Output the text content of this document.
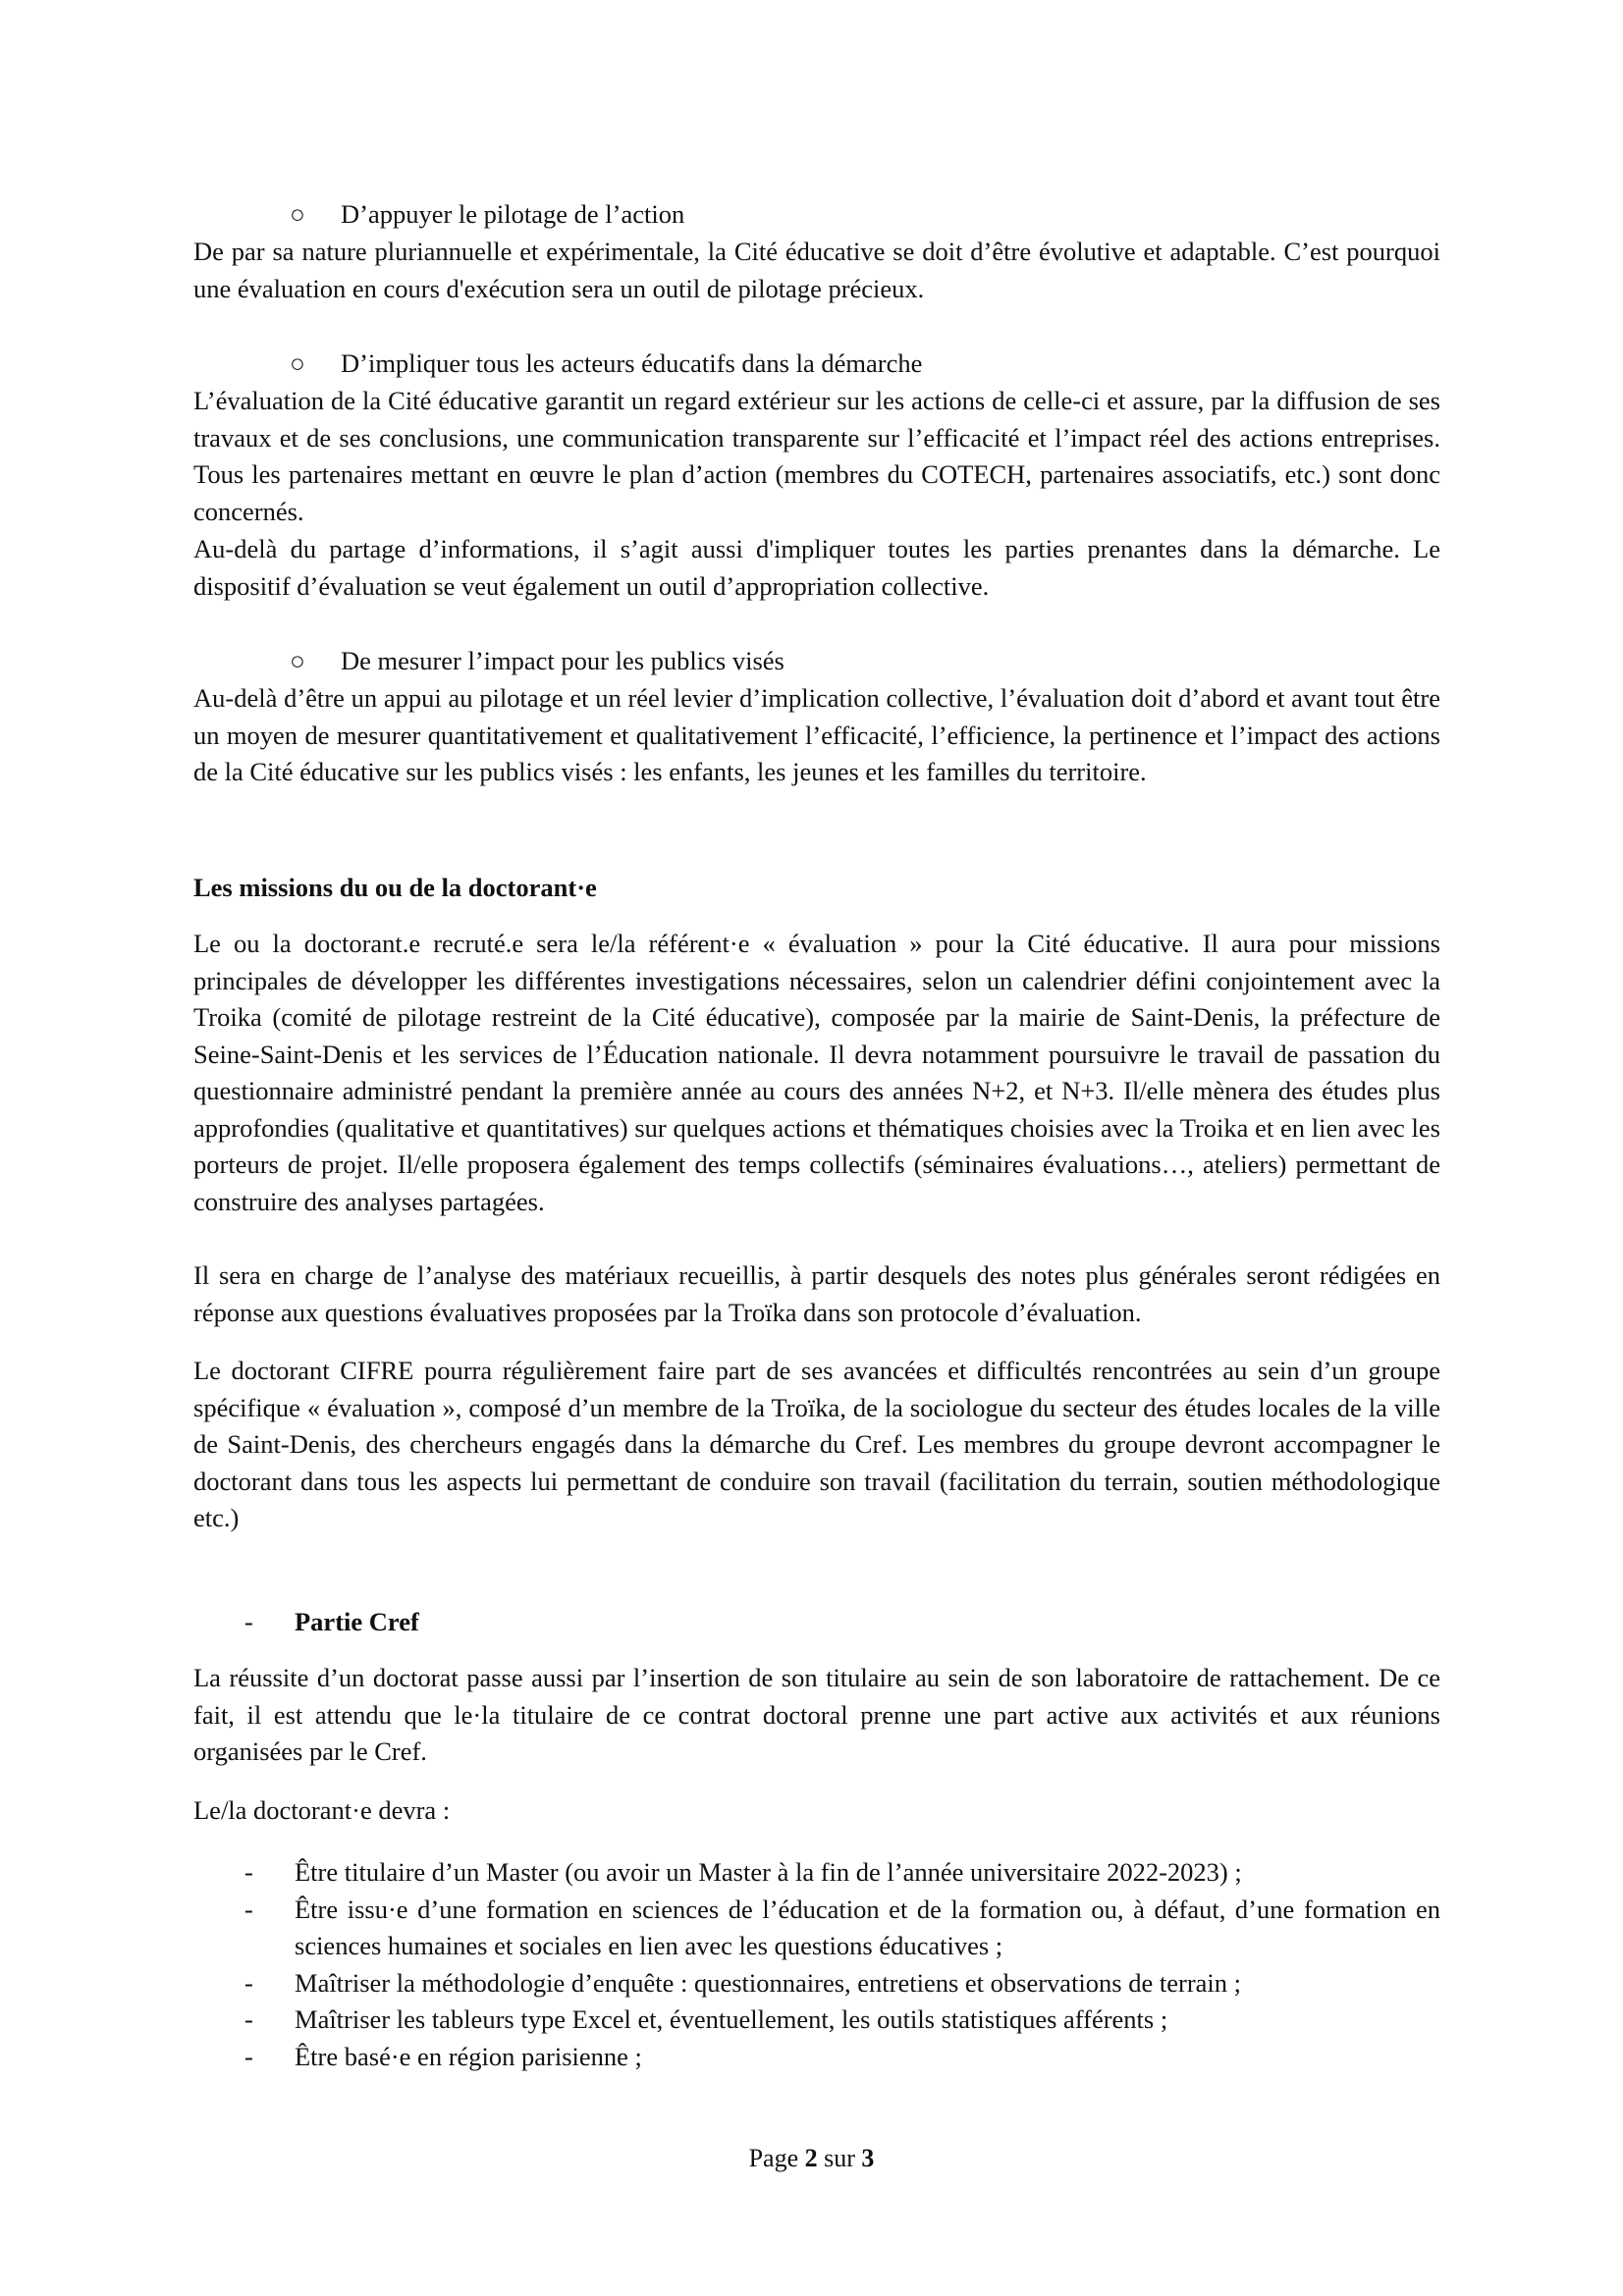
○ D’appuyer le pilotage de l’action

De par sa nature pluriannuelle et expérimentale, la Cité éducative se doit d’être évolutive et adaptable. C’est pourquoi une évaluation en cours d'exécution sera un outil de pilotage précieux.

○ D’impliquer tous les acteurs éducatifs dans la démarche

L’évaluation de la Cité éducative garantit un regard extérieur sur les actions de celle-ci et assure, par la diffusion de ses travaux et de ses conclusions, une communication transparente sur l’efficacité et l’impact réel des actions entreprises. Tous les partenaires mettant en œuvre le plan d’action (membres du COTECH, partenaires associatifs, etc.) sont donc concernés.

Au-delà du partage d’informations, il s’agit aussi d'impliquer toutes les parties prenantes dans la démarche. Le dispositif d’évaluation se veut également un outil d’appropriation collective.

○ De mesurer l’impact pour les publics visés

Au-delà d’être un appui au pilotage et un réel levier d’implication collective, l’évaluation doit d’abord et avant tout être un moyen de mesurer quantitativement et qualitativement l’efficacité, l’efficience, la pertinence et l’impact des actions de la Cité éducative sur les publics visés : les enfants, les jeunes et les familles du territoire.

Les missions du ou de la doctorant·e

Le ou la doctorant.e recruté.e sera le/la référent·e « évaluation » pour la Cité éducative. Il aura pour missions principales de développer les différentes investigations nécessaires, selon un calendrier défini conjointement avec la Troika (comité de pilotage restreint de la Cité éducative), composée par la mairie de Saint-Denis, la préfecture de Seine-Saint-Denis et les services de l’Éducation nationale. Il devra notamment poursuivre le travail de passation du questionnaire administré pendant la première année au cours des années N+2, et N+3. Il/elle mènera des études plus approfondies (qualitative et quantitatives) sur quelques actions et thématiques choisies avec la Troika et en lien avec les porteurs de projet. Il/elle proposera également des temps collectifs (séminaires évaluations…, ateliers) permettant de construire des analyses partagées.

Il sera en charge de l’analyse des matériaux recueillis, à partir desquels des notes plus générales seront rédigées en réponse aux questions évaluatives proposées par la Troïka dans son protocole d’évaluation.

Le doctorant CIFRE pourra régulièrement faire part de ses avancées et difficultés rencontrées au sein d’un groupe spécifique « évaluation », composé d’un membre de la Troïka, de la sociologue du secteur des études locales de la ville de Saint-Denis, des chercheurs engagés dans la démarche du Cref. Les membres du groupe devront accompagner le doctorant dans tous les aspects lui permettant de conduire son travail (facilitation du terrain, soutien méthodologique etc.)

- Partie Cref

La réussite d’un doctorat passe aussi par l’insertion de son titulaire au sein de son laboratoire de rattachement. De ce fait, il est attendu que le·la titulaire de ce contrat doctoral prenne une part active aux activités et aux réunions organisées par le Cref.

Le/la doctorant·e devra :

- Être titulaire d’un Master (ou avoir un Master à la fin de l’année universitaire 2022-2023) ;
- Être issu·e d’une formation en sciences de l’éducation et de la formation ou, à défaut, d’une formation en sciences humaines et sociales en lien avec les questions éducatives ;
- Maîtriser la méthodologie d’enquête : questionnaires, entretiens et observations de terrain ;
- Maîtriser les tableurs type Excel et, éventuellement, les outils statistiques afférents ;
- Être basé·e en région parisienne ;
Page 2 sur 3
